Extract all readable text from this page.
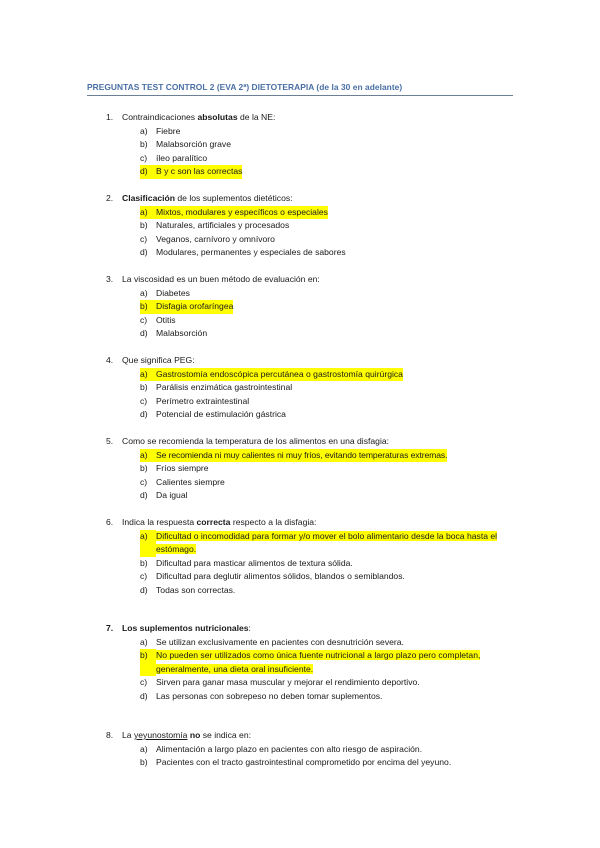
PREGUNTAS TEST CONTROL 2 (EVA 2ª) DIETOTERAPIA (de la 30 en adelante)
1.	Contraindicaciones absolutas de la NE:
a) Fiebre
b) Malabsorción grave
c)	íleo paralítico
d) B y c son las correctas
2.	Clasificación de los suplementos dietéticos:
a) Mixtos, modulares y específicos o especiales
b) Naturales, artificiales y procesados
c)	Veganos, carnívoro y omnívoro
d) Modulares, permanentes y especiales de sabores
3.	La viscosidad es un buen método de evaluación en:
a) Diabetes
b) Disfagia orofaríngea
c)	Otitis
d) Malabsorción
4.	Que significa PEG:
a) Gastrostomía endoscópica percutánea o gastrostomía quirúrgica
b) Parálisis enzimática gastrointestinal
c)	Perímetro extraintestinal
d) Potencial de estimulación gástrica
5.	Como se recomienda la temperatura de los alimentos en una disfagia:
a) Se recomienda ni muy calientes ni muy fríos, evitando temperaturas extremas.
b) Fríos siempre
c)	Calientes siempre
d) Da igual
6.	Indica la respuesta correcta respecto a la disfagia:
a) Dificultad o incomodidad para formar y/o mover el bolo alimentario desde la boca hasta el estómago.
b) Dificultad para masticar alimentos de textura sólida.
c)	Dificultad para deglutir alimentos sólidos, blandos o semiblandos.
d) Todas son correctas.
7.	Los suplementos nutricionales:
a) Se utilizan exclusivamente en pacientes con desnutrición severa.
b) No pueden ser utilizados como única fuente nutricional a largo plazo pero completan, generalmente, una dieta oral insuficiente.
c)	Sirven para ganar masa muscular y mejorar el rendimiento deportivo.
d) Las personas con sobrepeso no deben tomar suplementos.
8.	La yeyunostomía no se indica en:
a) Alimentación a largo plazo en pacientes con alto riesgo de aspiración.
b) Pacientes con el tracto gastrointestinal comprometido por encima del yeyuno.
